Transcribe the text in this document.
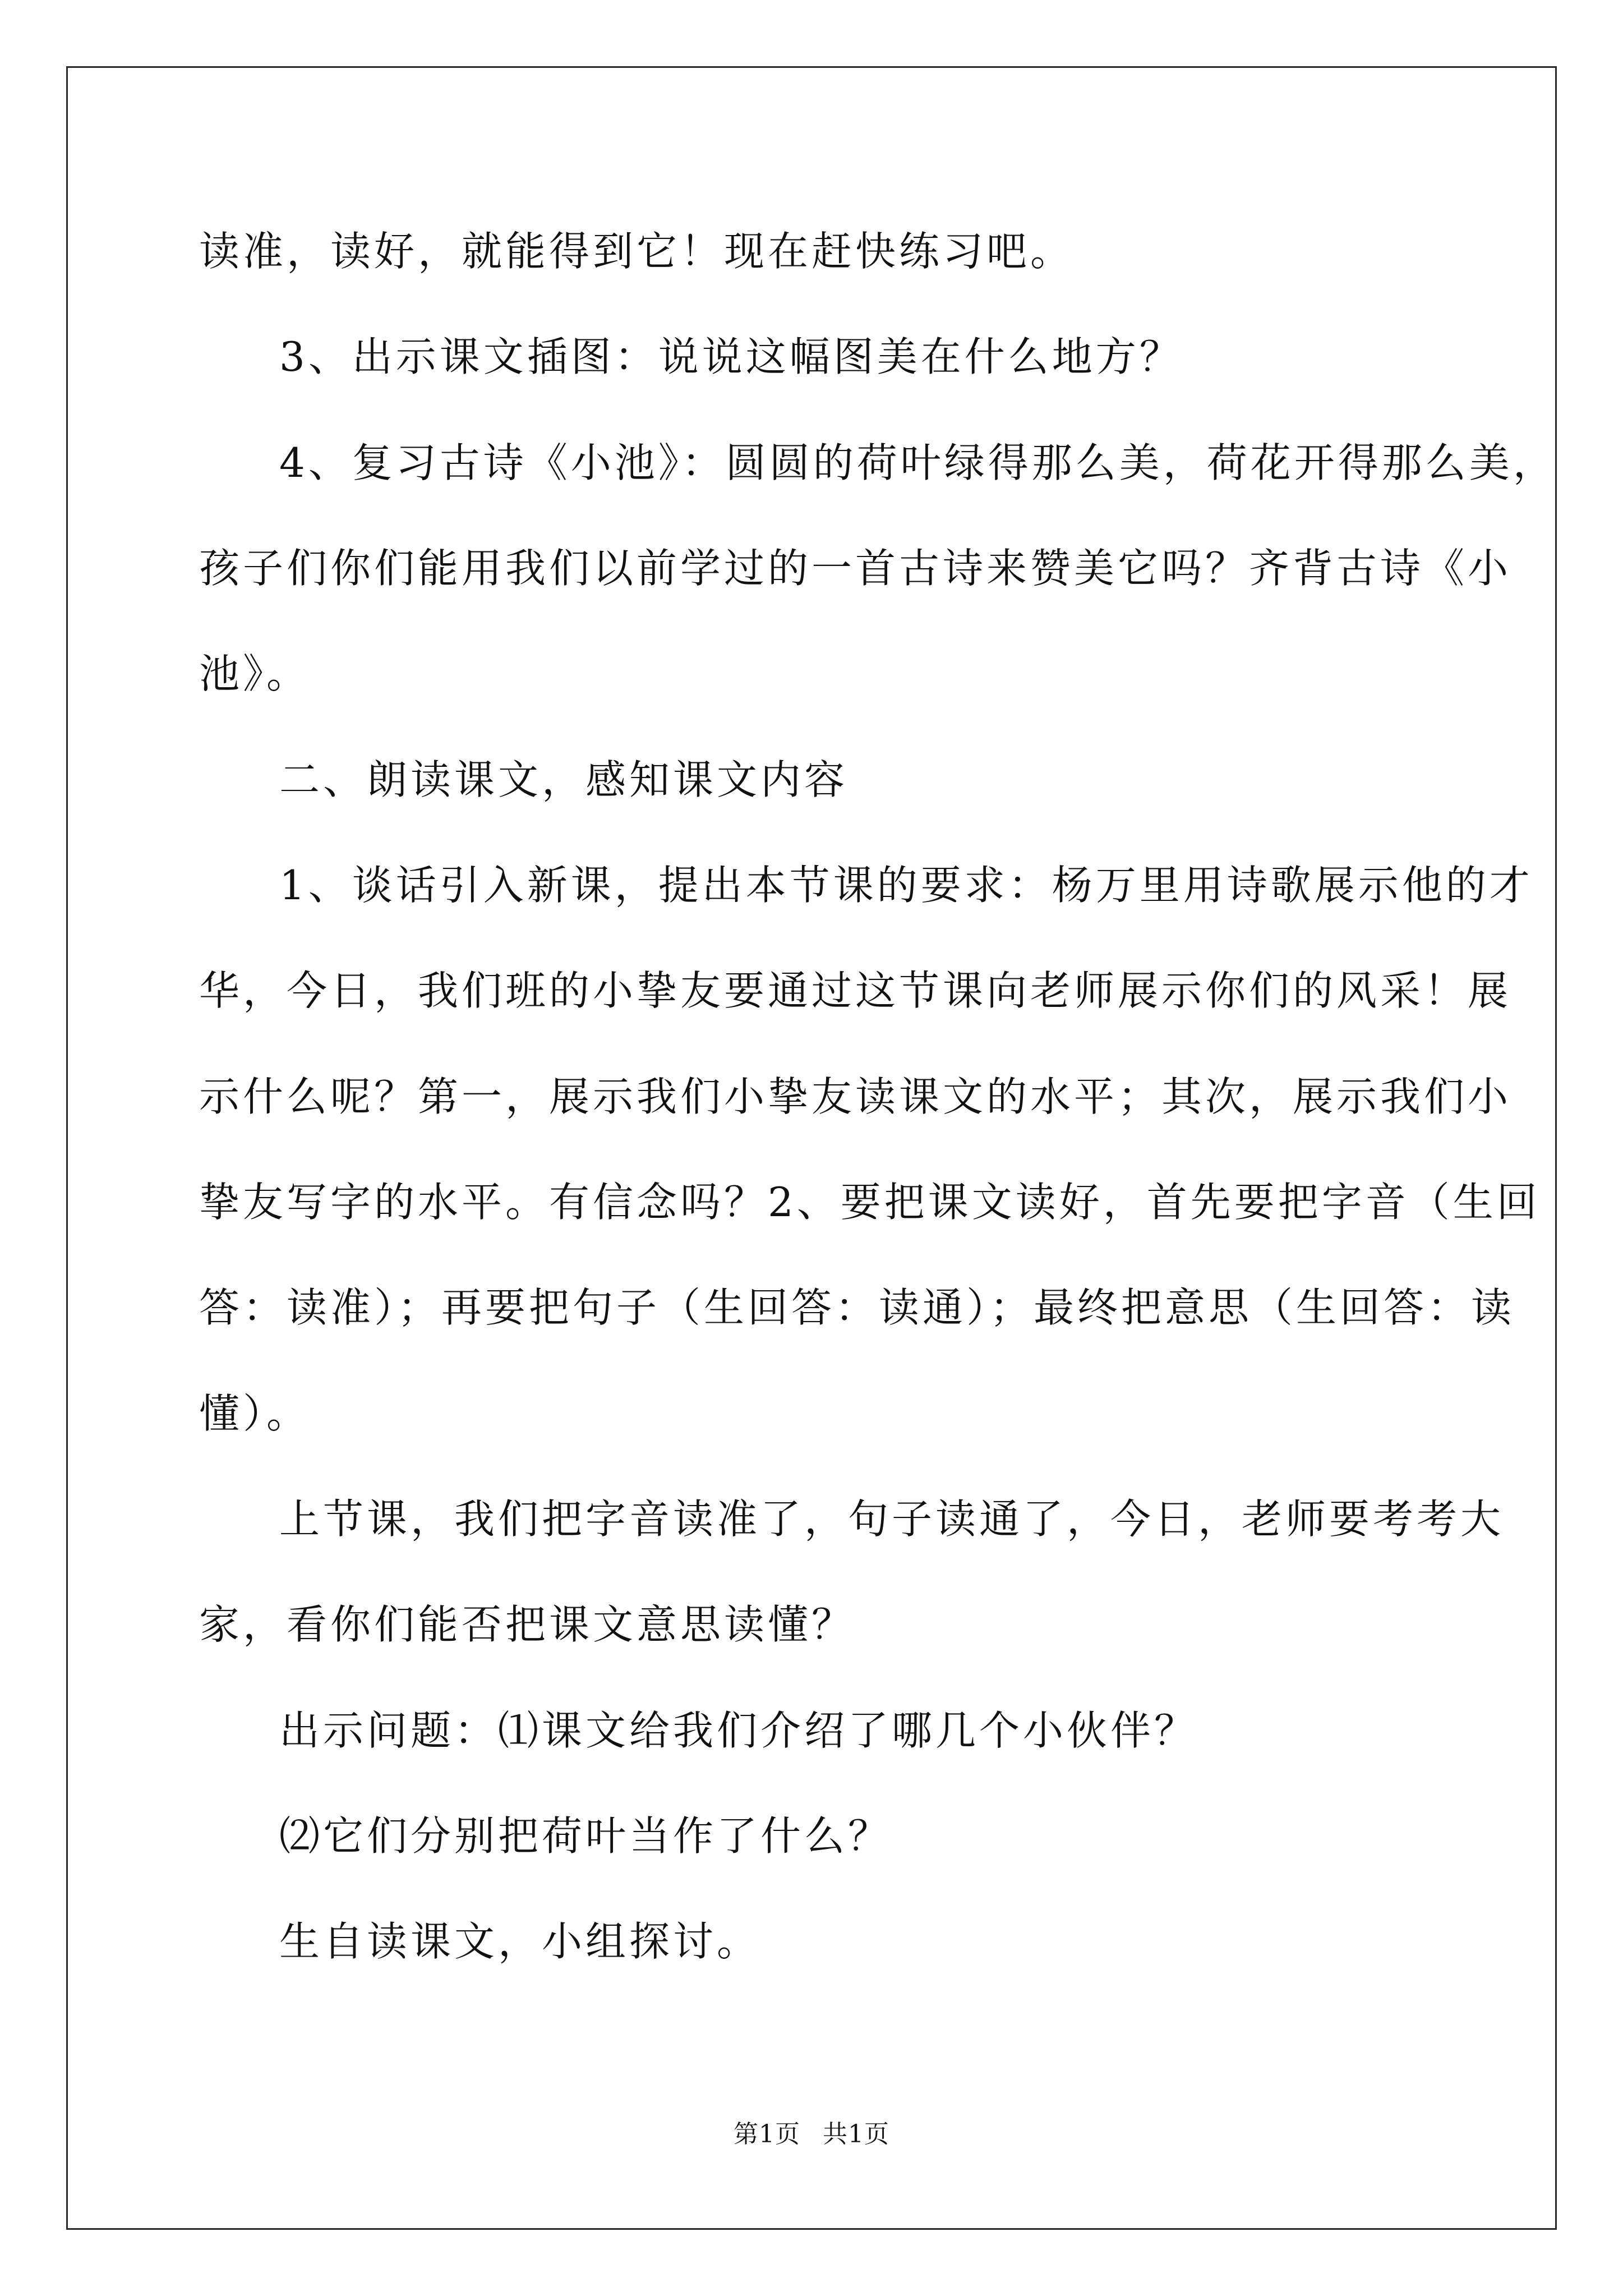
读准，读好，就能得到它！现在赶快练习吧。
3、出示课文插图：说说这幅图美在什么地方？
4、复习古诗《小池》：圆圆的荷叶绿得那么美，荷花开得那么美，
孩子们你们能用我们以前学过的一首古诗来赞美它吗？齐背古诗《小
池》。
二、朗读课文，感知课文内容
1、谈话引入新课，提出本节课的要求：杨万里用诗歌展示他的才
华，今日，我们班的小挚友要通过这节课向老师展示你们的风采！展
示什么呢？第一，展示我们小挚友读课文的水平；其次，展示我们小
挚友写字的水平。有信念吗？2、要把课文读好，首先要把字音（生回
答：读准）；再要把句子（生回答：读通）；最终把意思（生回答：读
懂）。
上节课，我们把字音读准了，句子读通了，今日，老师要考考大
家，看你们能否把课文意思读懂？
出示问题：⑴课文给我们介绍了哪几个小伙伴？
⑵它们分别把荷叶当作了什么？
生自读课文，小组探讨。
第1页 共1页
